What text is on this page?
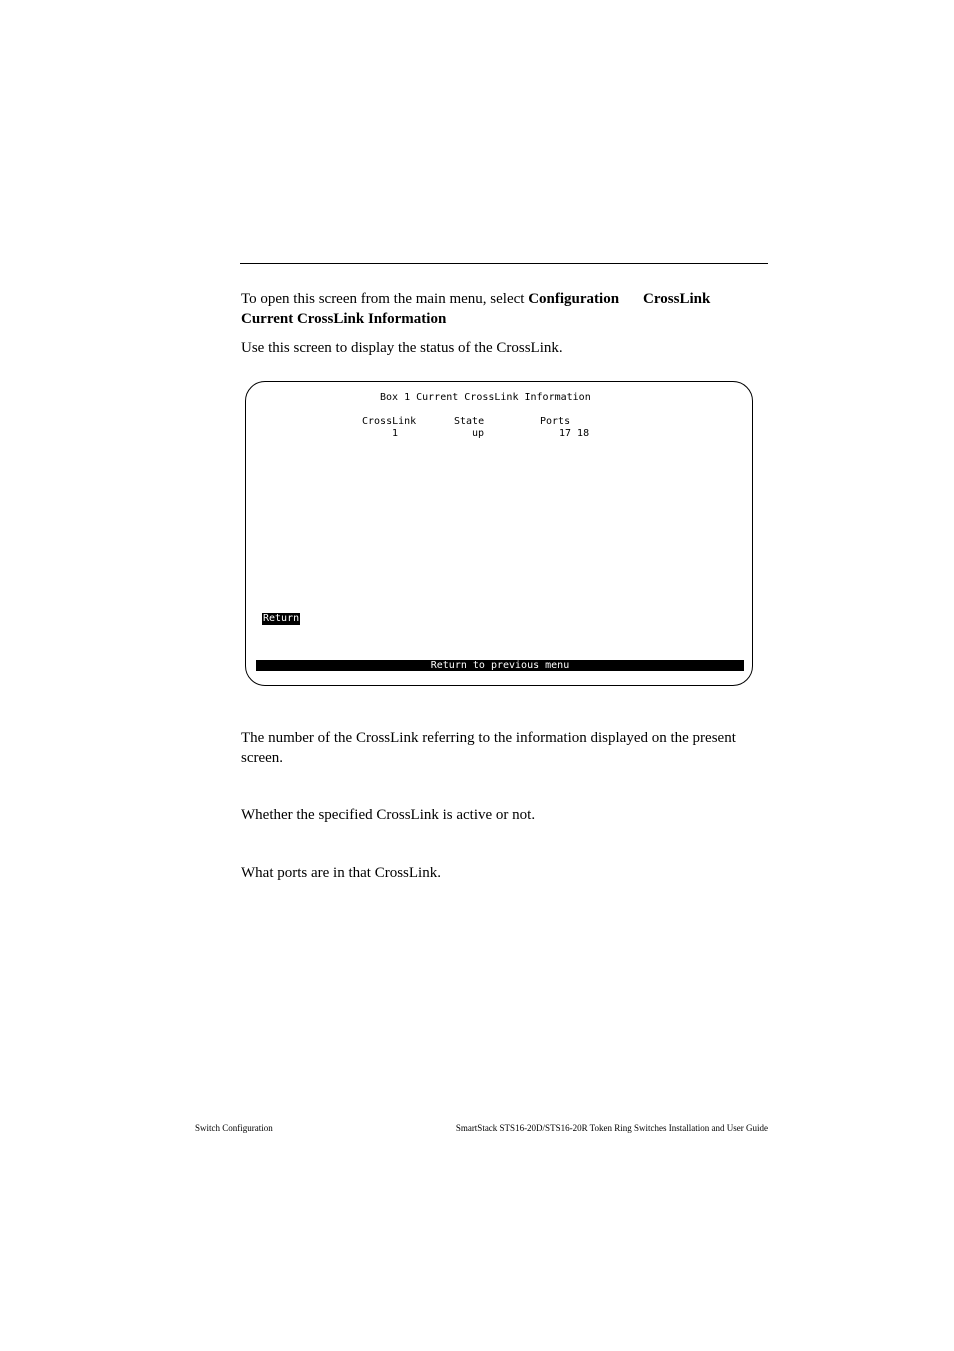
To open this screen from the main menu, select Configuration CrossLink
Current CrossLink Information
Use this screen to display the status of the CrossLink.
Box 1 Current CrossLink Information
CrossLink	State	Ports
1	up	17 18
Return
Return to previous menu
The number of the CrossLink referring to the information displayed on the present screen.
Whether the specified CrossLink is active or not.
What ports are in that CrossLink.
Switch Configuration	SmartStack STS16-20D/STS16-20R Token Ring Switches Installation and User Guide
